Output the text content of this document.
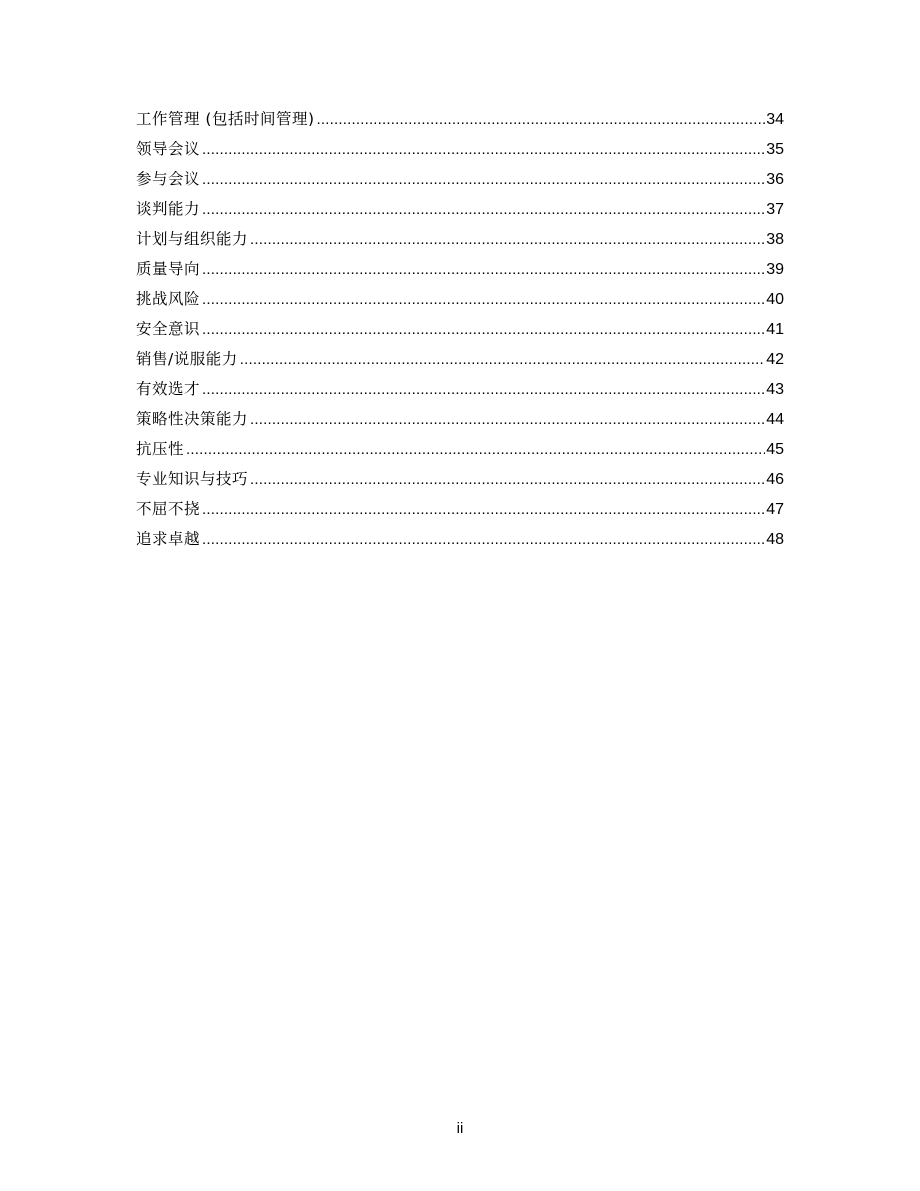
工作管理 (包括时间管理) .....	34
领导会议 .....	35
参与会议 .....	36
谈判能力 .....	37
计划与组织能力 .....	38
质量导向 .....	39
挑战风险 .....	40
安全意识 .....	41
销售/说服能力 .....	42
有效选才 .....	43
策略性决策能力 .....	44
抗压性 .....	45
专业知识与技巧 .....	46
不屈不挠 .....	47
追求卓越 .....	48
ii
